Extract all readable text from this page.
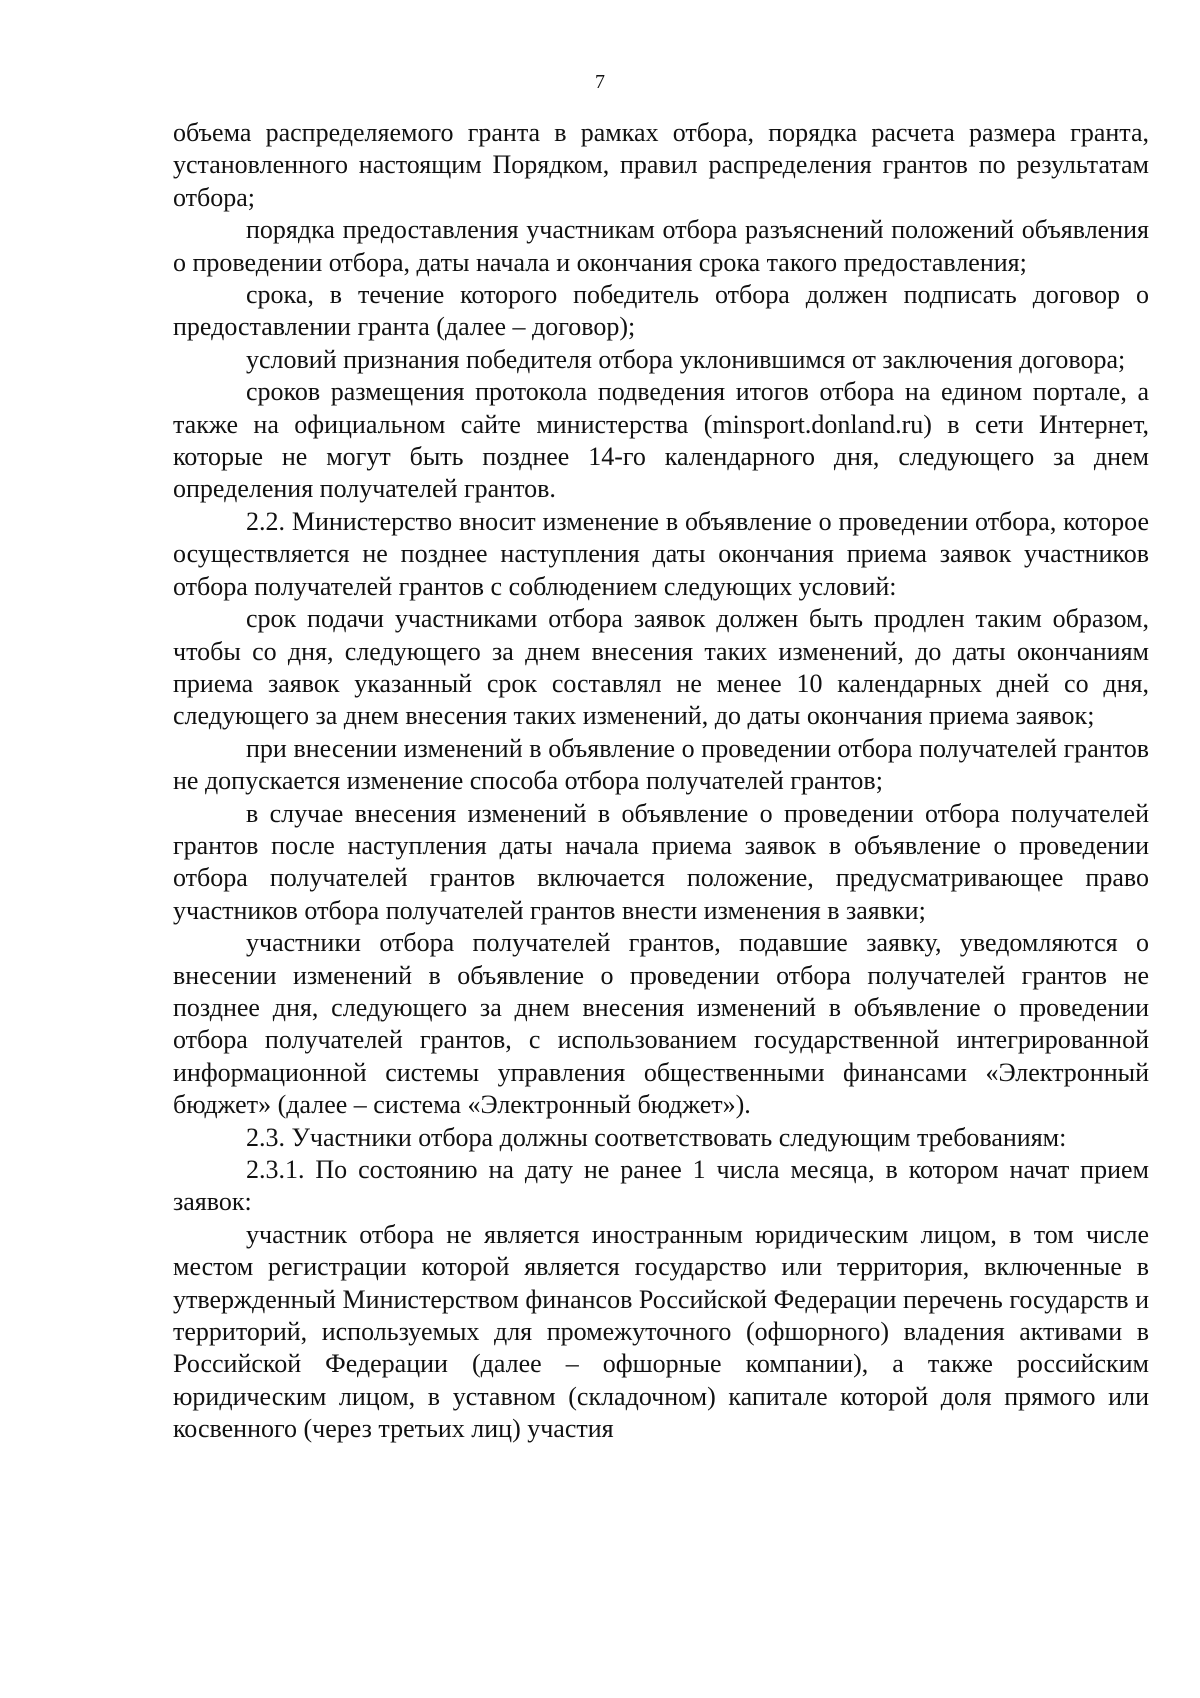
7

объема распределяемого гранта в рамках отбора, порядка расчета размера гранта, установленного настоящим Порядком, правил распределения грантов по результатам отбора;

порядка предоставления участникам отбора разъяснений положений объявления о проведении отбора, даты начала и окончания срока такого предоставления;

срока, в течение которого победитель отбора должен подписать договор о предоставлении гранта (далее – договор);

условий признания победителя отбора уклонившимся от заключения договора;

сроков размещения протокола подведения итогов отбора на едином портале, а также на официальном сайте министерства (minsport.donland.ru) в сети Интернет, которые не могут быть позднее 14-го календарного дня, следующего за днем определения получателей грантов.

2.2. Министерство вносит изменение в объявление о проведении отбора, которое осуществляется не позднее наступления даты окончания приема заявок участников отбора получателей грантов с соблюдением следующих условий:

срок подачи участниками отбора заявок должен быть продлен таким образом, чтобы со дня, следующего за днем внесения таких изменений, до даты окончаниям приема заявок указанный срок составлял не менее 10 календарных дней со дня, следующего за днем внесения таких изменений, до даты окончания приема заявок;

при внесении изменений в объявление о проведении отбора получателей грантов не допускается изменение способа отбора получателей грантов;

в случае внесения изменений в объявление о проведении отбора получателей грантов после наступления даты начала приема заявок в объявление о проведении отбора получателей грантов включается положение, предусматривающее право участников отбора получателей грантов внести изменения в заявки;

участники отбора получателей грантов, подавшие заявку, уведомляются о внесении изменений в объявление о проведении отбора получателей грантов не позднее дня, следующего за днем внесения изменений в объявление о проведении отбора получателей грантов, с использованием государственной интегрированной информационной системы управления общественными финансами «Электронный бюджет» (далее – система «Электронный бюджет»).

2.3. Участники отбора должны соответствовать следующим требованиям:

2.3.1. По состоянию на дату не ранее 1 числа месяца, в котором начат прием заявок:

участник отбора не является иностранным юридическим лицом, в том числе местом регистрации которой является государство или территория, включенные в утвержденный Министерством финансов Российской Федерации перечень государств и территорий, используемых для промежуточного (офшорного) владения активами в Российской Федерации (далее – офшорные компании), а также российским юридическим лицом, в уставном (складочном) капитале которой доля прямого или косвенного (через третьих лиц) участия
